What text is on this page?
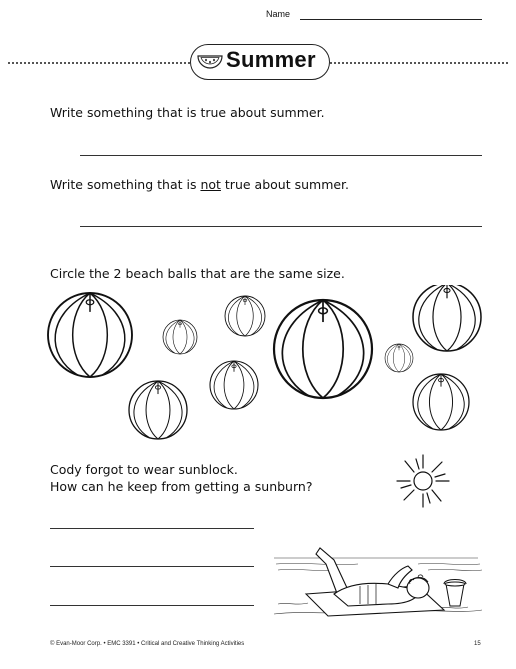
Name
Summer
Write something that is true about summer.
Write something that is not true about summer.
Circle the 2 beach balls that are the same size.
Cody forgot to wear sunblock.
How can he keep from getting a sunburn?
© Evan-Moor Corp. • EMC 3391 • Critical and Creative Thinking Activities	15
